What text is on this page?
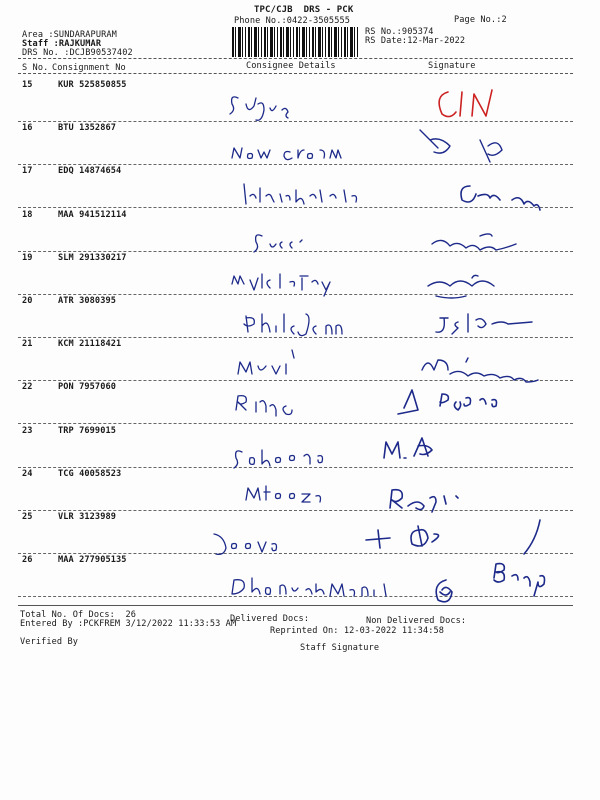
TPC/CJB  DRS - PCK
Phone No.:0422-3505555	Page No.:2
RS No.:905374
RS Date:12-Mar-2022
Area :SUNDARAPURAM
Staff :RAJKUMAR
DRS No. :DCJB90537402
S No. Consignment No	Consignee Details	Signature
15	KUR 525850855
16	BTU 1352867
17	EDQ 14874654
18	MAA 941512114
19	SLM 291330217
20	ATR 3080395
21	KCM 21118421
22	PON 7957060
23	TRP 7699015
24	TCG 40058523
25	VLR 3123989
26	MAA 277905135
Total No. Of Docs:  26	Delivered Docs:	Non Delivered Docs:
Entered By :PCKFREM 3/12/2022 11:33:53 AM
Reprinted On: 12-03-2022 11:34:58
Verified By
Staff Signature
